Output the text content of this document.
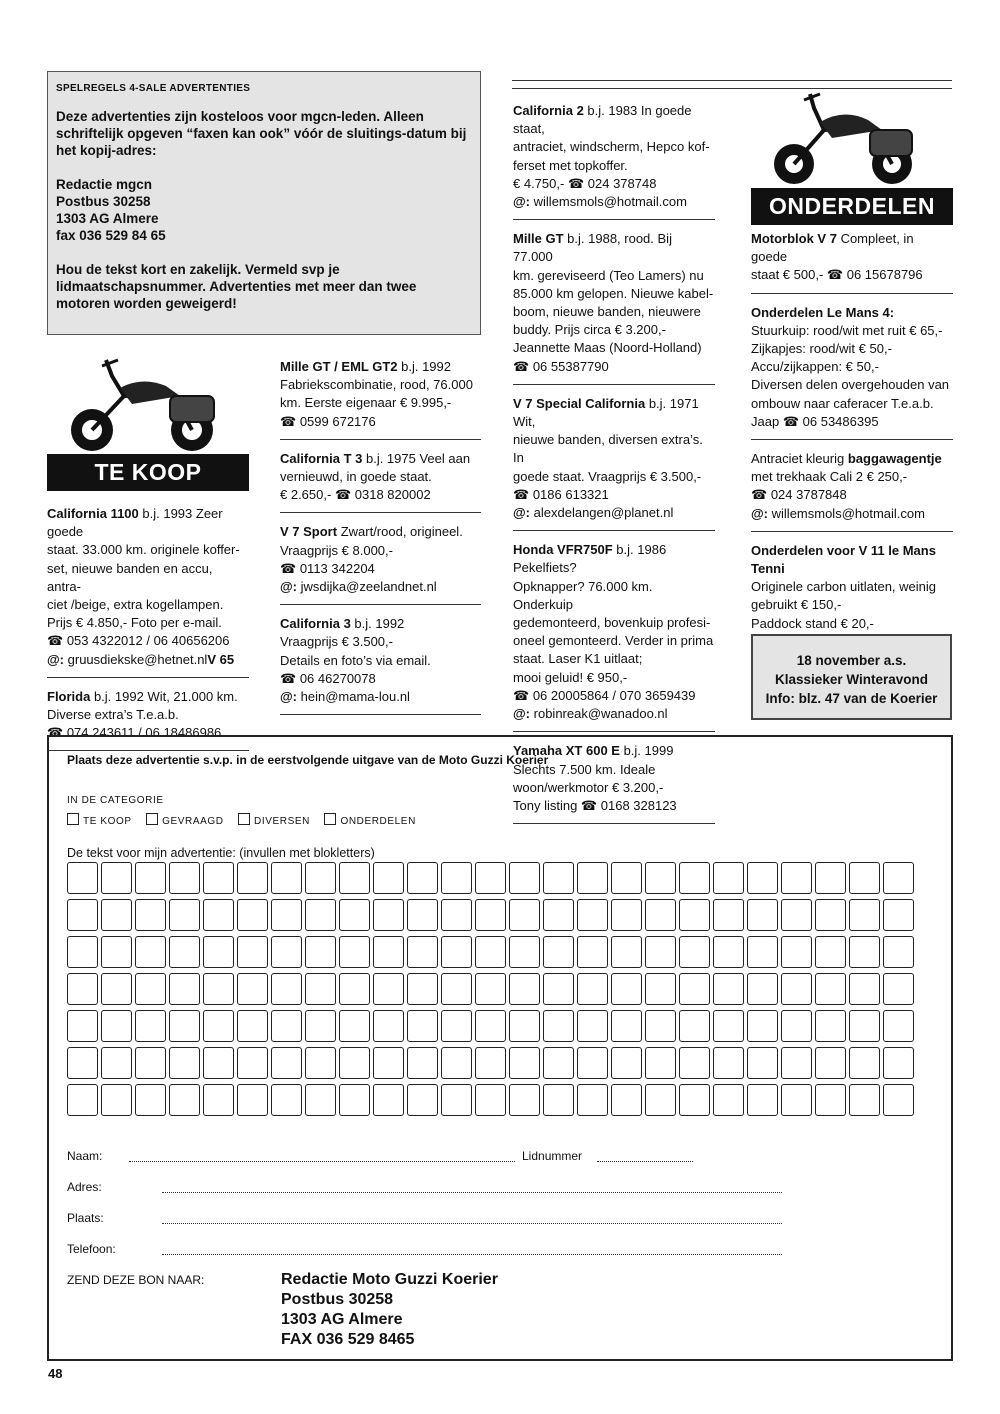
SPELREGELS 4-SALE ADVERTENTIES

Deze advertenties zijn kosteloos voor mgcn-leden. Alleen schriftelijk opgeven “faxen kan ook” vóór de sluitings-datum bij het kopij-adres:

Redactie mgcn
Postbus 30258
1303 AG Almere
fax 036 529 84 65

Hou de tekst kort en zakelijk. Vermeld svp je lidmaatschapsnummer. Advertenties met meer dan twee motoren worden geweigerd!

TE KOOP
ONDERDELEN
California 1100 b.j. 1993 Zeer goede
staat. 33.000 km. originele koffer-
set, nieuwe banden en accu, antra-
ciet /beige, extra kogellampen.
Prijs € 4.850,- Foto per e-mail.
☎ 053 4322012 / 06 40656206
@: gruusdiekske@hetnet.nlV 65
Florida b.j. 1992 Wit, 21.000 km.
Diverse extra’s T.e.a.b.
☎ 074 243611 / 06 18486986
Mille GT / EML GT2 b.j. 1992
Fabriekscombinatie, rood, 76.000
km. Eerste eigenaar € 9.995,-
☎ 0599 672176
California T 3 b.j. 1975 Veel aan
vernieuwd, in goede staat.
€ 2.650,- ☎ 0318 820002
V 7 Sport Zwart/rood, origineel.
Vraagprijs € 8.000,-
☎ 0113 342204
@: jwsdijka@zeelandnet.nl
California 3 b.j. 1992
Vraagprijs € 3.500,-
Details en foto’s via email.
☎ 06 46270078
@: hein@mama-lou.nl
California 2 b.j. 1983 In goede staat,
antraciet, windscherm, Hepco kof-
ferset met topkoffer.
€ 4.750,- ☎ 024 378748
@: willemsmols@hotmail.com
Mille GT b.j. 1988, rood. Bij 77.000
km. gereviseerd (Teo Lamers) nu
85.000 km gelopen. Nieuwe kabel-
boom, nieuwe banden, nieuwere
buddy. Prijs circa € 3.200,-
Jeannette Maas (Noord-Holland)
☎ 06 55387790
V 7 Special California b.j. 1971 Wit,
nieuwe banden, diversen extra’s. In
goede staat. Vraagprijs € 3.500,-
☎ 0186 613321
@: alexdelangen@planet.nl
Honda VFR750F b.j. 1986 Pekelfiets?
Opknapper? 76.000 km. Onderkuip
gedemonteerd, bovenkuip profesi-
oneel gemonteerd. Verder in prima
staat. Laser K1 uitlaat;
mooi geluid! € 950,-
☎ 06 20005864 / 070 3659439
@: robinreak@wanadoo.nl
Yamaha XT 600 E b.j. 1999
Slechts 7.500 km. Ideale
woon/werkmotor € 3.200,-
Tony listing ☎ 0168 328123
Motorblok V 7 Compleet, in goede
staat € 500,- ☎ 06 15678796
Onderdelen Le Mans 4:
Stuurkuip: rood/wit met ruit € 65,-
Zijkapjes: rood/wit € 50,-
Accu/zijkappen: € 50,-
Diversen delen overgehouden van
ombouw naar caferacer T.e.a.b.
Jaap ☎ 06 53486395
Antraciet kleurig baggawagentje
met trekhaak Cali 2 € 250,-
☎ 024 3787848
@: willemsmols@hotmail.com
Onderdelen voor V 11 le Mans Tenni
Originele carbon uitlaten, weinig
gebruikt € 150,-
Paddock stand € 20,-

18 november a.s.
Klassieker Winteravond
Info: blz. 47 van de Koerier
Plaats deze advertentie s.v.p. in de eerstvolgende uitgave van de Moto Guzzi Koerier
IN DE CATEGORIE
TE KOOP	GEVRAAGD	DIVERSEN	ONDERDELEN
De tekst voor mijn advertentie: (invullen met blokletters)
Naam:	Lidnummer
Adres:
Plaats:
Telefoon:
ZEND DEZE BON NAAR:	Redactie Moto Guzzi Koerier
Postbus 30258
1303 AG Almere
FAX 036 529 8465
48
